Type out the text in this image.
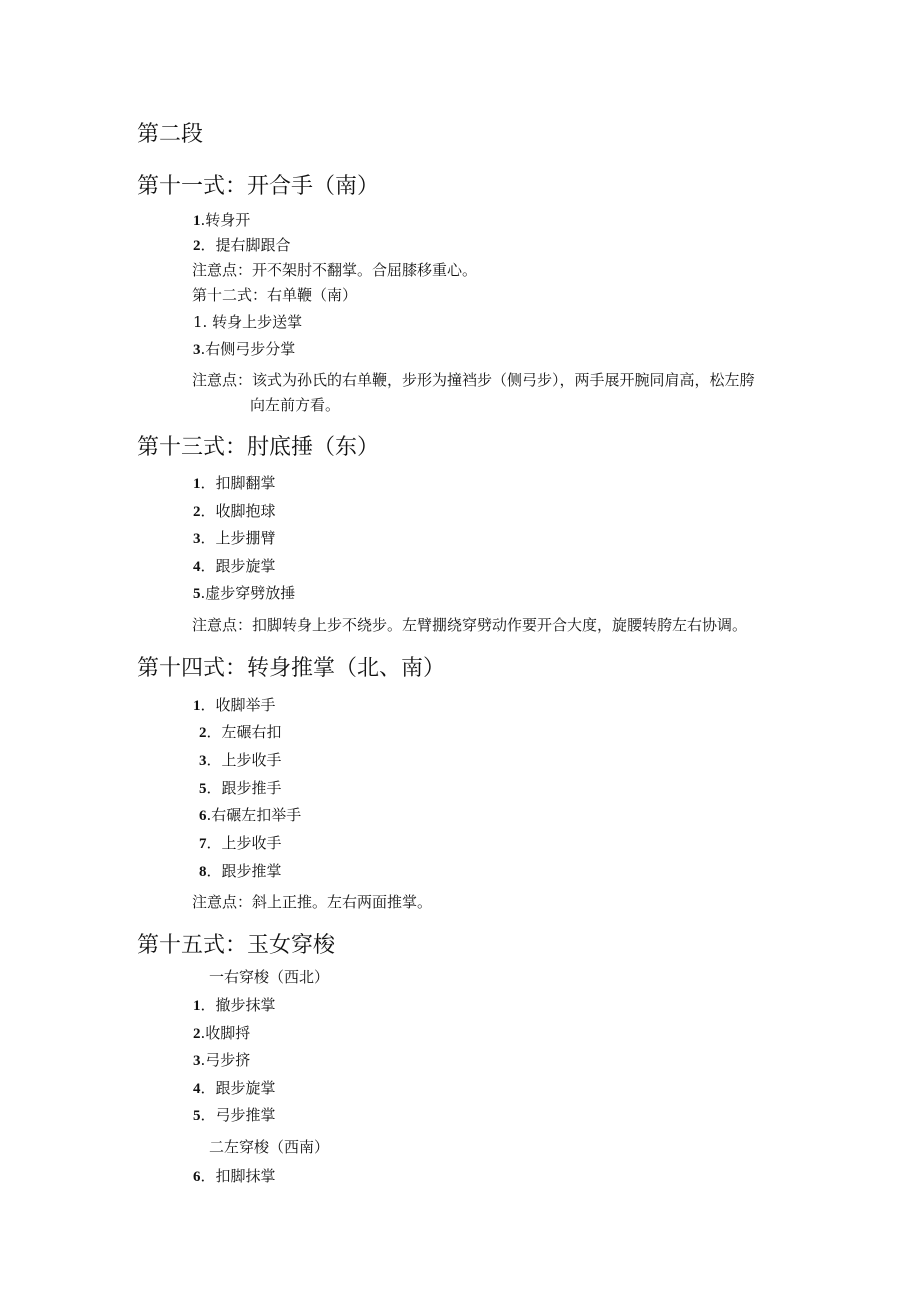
第二段
第十一式：开合手（南）
1.转身开
2．提右脚跟合
注意点：开不架肘不翻掌。合屈膝移重心。
第十二式：右单鞭（南）
1. 转身上步送掌
3.右侧弓步分掌
注意点：该式为孙氏的右单鞭，步形为撞裆步（侧弓步），两手展开腕同肩高，松左胯
向左前方看。
第十三式：肘底捶（东）
1．扣脚翻掌
2．收脚抱球
3．上步掤臂
4．跟步旋掌
5.虚步穿劈放捶
注意点：扣脚转身上步不绕步。左臂掤绕穿劈动作要开合大度，旋腰转胯左右协调。
第十四式：转身推掌（北、南）
1．收脚举手
2．左碾右扣
3．上步收手
5．跟步推手
6.右碾左扣举手
7．上步收手
8．跟步推掌
注意点：斜上正推。左右两面推掌。
第十五式：玉女穿梭
一右穿梭（西北）
1．撤步抹掌
2.收脚捋
3.弓步挤
4．跟步旋掌
5．弓步推掌
二左穿梭（西南）
6．扣脚抹掌
